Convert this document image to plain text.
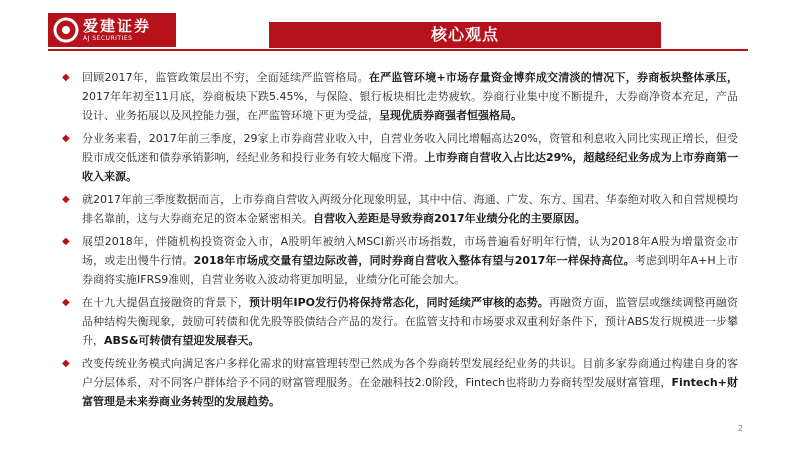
爱建证券
AJ SECURITIES	核心观点
◆ 回顾2017年，监管政策层出不穷，全面延续严监管格局。在严监管环境+市场存量资金博弈成交清淡的情况下，券商板块整体承压，2017年年初至11月底，券商板块下跌5.45%，与保险、银行板块相比走势疲软。券商行业集中度不断提升，大券商净资本充足，产品设计、业务拓展以及风控能力强，在严监管环境下更为受益，呈现优质券商强者恒强格局。
◆ 分业务来看，2017年前三季度，29家上市券商营业收入中，自营业务收入同比增幅高达20%，资管和利息收入同比实现正增长，但受股市成交低迷和债券承销影响，经纪业务和投行业务有较大幅度下滑。上市券商自营收入占比达29%，超越经纪业务成为上市券商第一收入来源。
◆ 就2017年前三季度数据而言，上市券商自营收入两级分化现象明显，其中中信、海通、广发、东方、国君、华泰绝对收入和自营规模均排名靠前，这与大券商充足的资本金紧密相关。自营收入差距是导致券商2017年业绩分化的主要原因。
◆ 展望2018年，伴随机构投资资金入市，A股明年被纳入MSCI新兴市场指数，市场普遍看好明年行情，认为2018年A股为增量资金市场，或走出慢牛行情。2018年市场成交量有望边际改善，同时券商自营收入整体有望与2017年一样保持高位。考虑到明年A+H上市券商将实施IFRS9准则，自营业务收入波动将更加明显，业绩分化可能会加大。
◆ 在十九大提倡直接融资的背景下，预计明年IPO发行仍将保持常态化，同时延续严审核的态势。再融资方面，监管层或继续调整再融资品种结构失衡现象，鼓励可转债和优先股等股债结合产品的发行。在监管支持和市场要求双重利好条件下，预计ABS发行规模进一步攀升，ABS&可转债有望迎发展春天。
◆ 改变传统业务模式向满足客户多样化需求的财富管理转型已然成为各个券商转型发展经纪业务的共识。目前多家券商通过构建自身的客户分层体系，对不同客户群体给予不同的财富管理服务。在金融科技2.0阶段，Fintech也将助力券商转型发展财富管理，Fintech+财富管理是未来券商业务转型的发展趋势。
2
